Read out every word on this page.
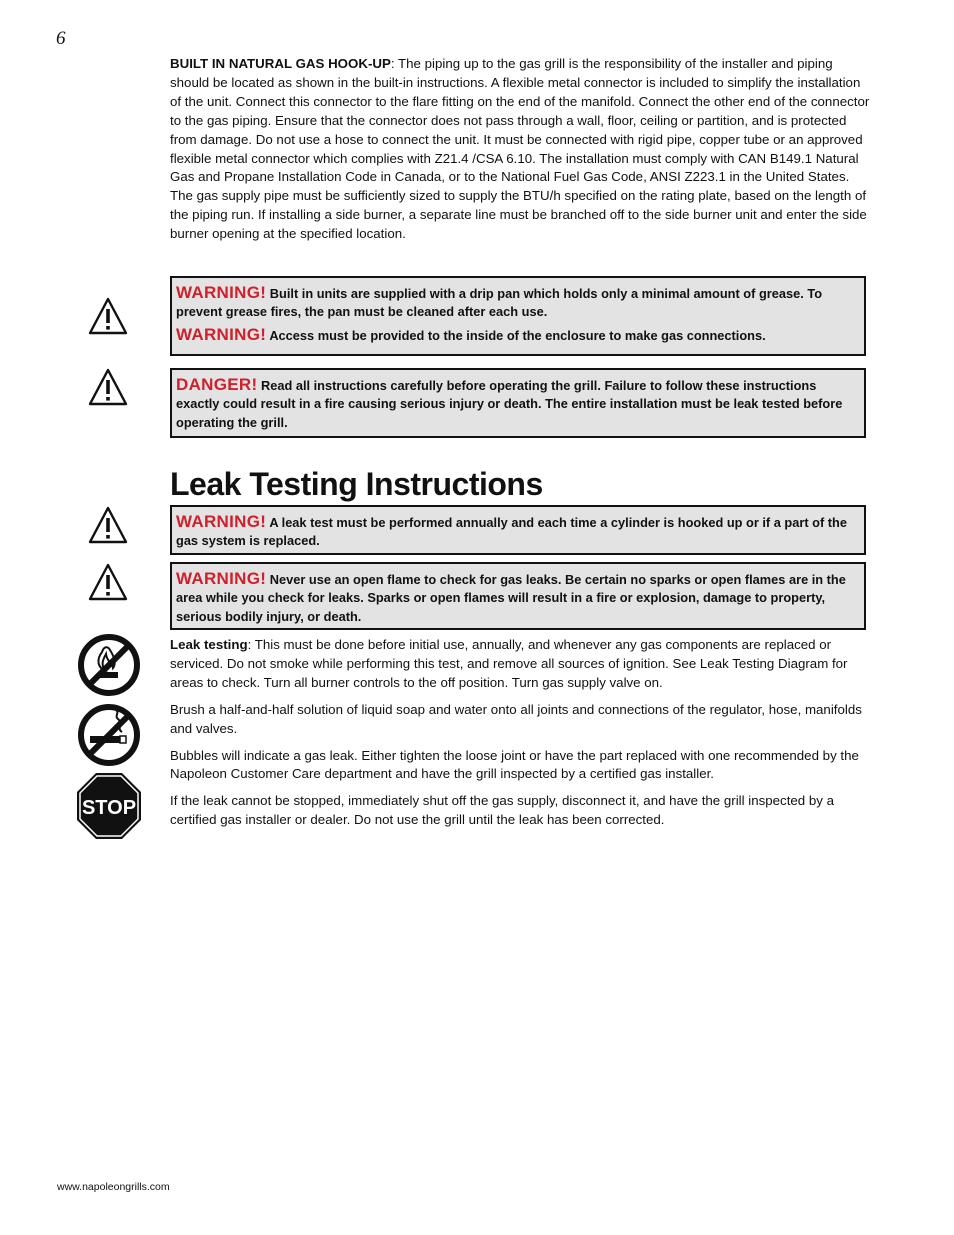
6

BUILT IN NATURAL GAS HOOK-UP: The piping up to the gas grill is the responsibility of the installer and piping should be located as shown in the built-in instructions. A flexible metal connector is included to simplify the installation of the unit. Connect this connector to the flare fitting on the end of the manifold. Connect the other end of the connector to the gas piping. Ensure that the connector does not pass through a wall, floor, ceiling or partition, and is protected from damage. Do not use a hose to connect the unit. It must be connected with rigid pipe, copper tube or an approved flexible metal connector which complies with Z21.4 /CSA 6.10. The installation must comply with CAN B149.1 Natural Gas and Propane Installation Code in Canada, or to the National Fuel Gas Code, ANSI Z223.1 in the United States. The gas supply pipe must be sufficiently sized to supply the BTU/h specified on the rating plate, based on the length of the piping run. If installing a side burner, a separate line must be branched off to the side burner unit and enter the side burner opening at the specified location.

WARNING! Built in units are supplied with a drip pan which holds only a minimal amount of grease. To prevent grease fires, the pan must be cleaned after each use.

WARNING! Access must be provided to the inside of the enclosure to make gas connections.

DANGER! Read all instructions carefully before operating the grill. Failure to follow these instructions exactly could result in a fire causing serious injury or death. The entire installation must be leak tested before operating the grill.

Leak Testing Instructions

WARNING! A leak test must be performed annually and each time a cylinder is hooked up or if a part of the gas system is replaced.

WARNING! Never use an open flame to check for gas leaks. Be certain no sparks or open flames are in the area while you check for leaks. Sparks or open flames will result in a fire or explosion, damage to property, serious bodily injury, or death.

STOP

Leak testing: This must be done before initial use, annually, and whenever any gas components are replaced or serviced. Do not smoke while performing this test, and remove all sources of ignition. See Leak Testing Diagram for areas to check. Turn all burner controls to the off position. Turn gas supply valve on.

Brush a half-and-half solution of liquid soap and water onto all joints and connections of the regulator, hose, manifolds and valves.

Bubbles will indicate a gas leak. Either tighten the loose joint or have the part replaced with one recommended by the Napoleon Customer Care department and have the grill inspected by a certified gas installer.

If the leak cannot be stopped, immediately shut off the gas supply, disconnect it, and have the grill inspected by a certified gas installer or dealer. Do not use the grill until the leak has been corrected.

www.napoleongrills.com
